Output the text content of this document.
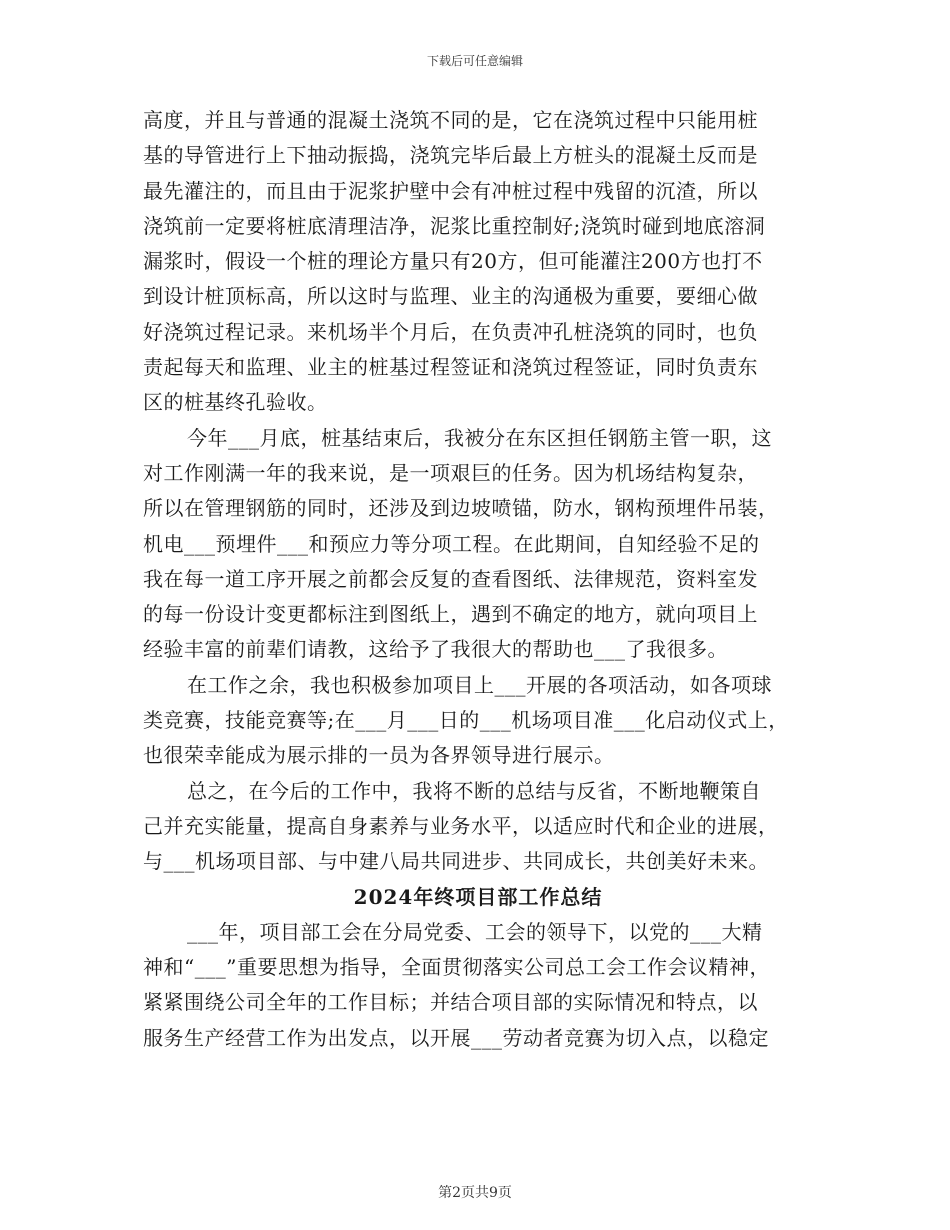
下载后可任意编辑
高度，并且与普通的混凝土浇筑不同的是，它在浇筑过程中只能用桩
基的导管进行上下抽动振捣，浇筑完毕后最上方桩头的混凝土反而是
最先灌注的，而且由于泥浆护壁中会有冲桩过程中残留的沉渣，所以
浇筑前一定要将桩底清理洁净，泥浆比重控制好;浇筑时碰到地底溶洞
漏浆时，假设一个桩的理论方量只有20方，但可能灌注200方也打不
到设计桩顶标高，所以这时与监理、业主的沟通极为重要，要细心做
好浇筑过程记录。来机场半个月后，在负责冲孔桩浇筑的同时，也负
责起每天和监理、业主的桩基过程签证和浇筑过程签证，同时负责东
区的桩基终孔验收。
今年___月底，桩基结束后，我被分在东区担任钢筋主管一职，这
对工作刚满一年的我来说，是一项艰巨的任务。因为机场结构复杂，
所以在管理钢筋的同时，还涉及到边坡喷锚，防水，钢构预埋件吊装，
机电___预埋件___和预应力等分项工程。在此期间，自知经验不足的
我在每一道工序开展之前都会反复的查看图纸、法律规范，资料室发
的每一份设计变更都标注到图纸上，遇到不确定的地方，就向项目上
经验丰富的前辈们请教，这给予了我很大的帮助也___了我很多。
在工作之余，我也积极参加项目上___开展的各项活动，如各项球
类竞赛，技能竞赛等;在___月___日的___机场项目准___化启动仪式上，
也很荣幸能成为展示排的一员为各界领导进行展示。
总之，在今后的工作中，我将不断的总结与反省，不断地鞭策自
己并充实能量，提高自身素养与业务水平，以适应时代和企业的进展，
与___机场项目部、与中建八局共同进步、共同成长，共创美好未来。
2024年终项目部工作总结
___年，项目部工会在分局党委、工会的领导下，以党的___大精
神和“___”重要思想为指导，全面贯彻落实公司总工会工作会议精神，
紧紧围绕公司全年的工作目标；并结合项目部的实际情况和特点，以
服务生产经营工作为出发点，以开展___劳动者竞赛为切入点，以稳定
第2页共9页
